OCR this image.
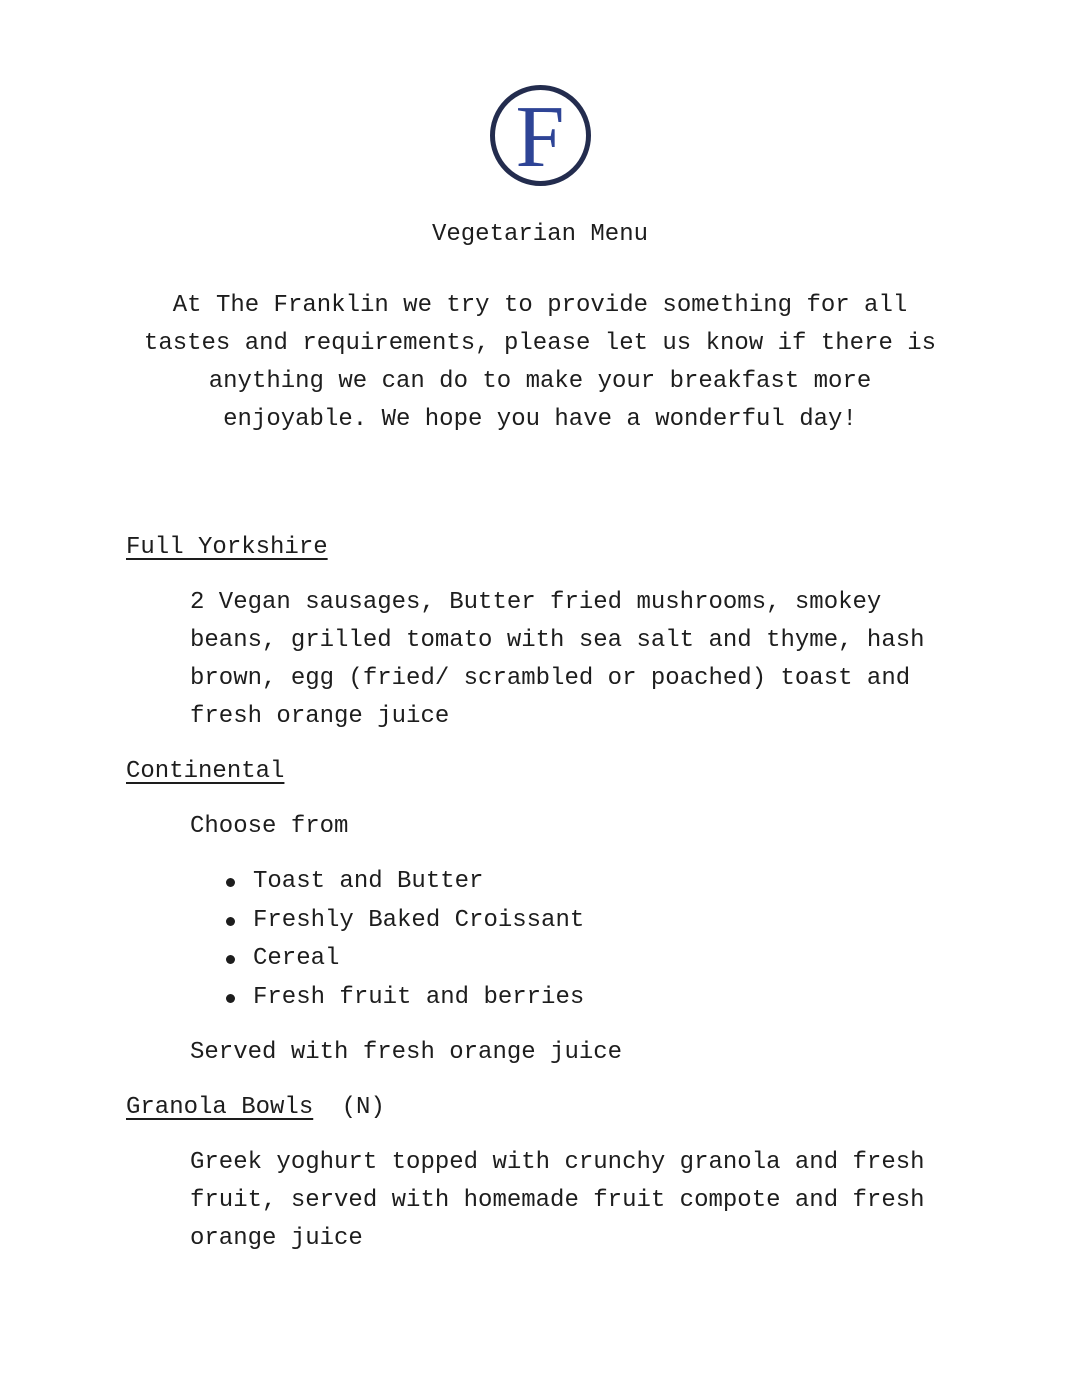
F
Vegetarian Menu

At The Franklin we try to provide something for all tastes and requirements, please let us know if there is anything we can do to make your breakfast more enjoyable. We hope you have a wonderful day!

Full Yorkshire

2 Vegan sausages, Butter fried mushrooms, smokey beans, grilled tomato with sea salt and thyme, hash brown, egg (fried/ scrambled or poached) toast and fresh orange juice

Continental

Choose from

Toast and Butter
Freshly Baked Croissant
Cereal
Fresh fruit and berries

Served with fresh orange juice

Granola Bowls (N)

Greek yoghurt topped with crunchy granola and fresh fruit, served with homemade fruit compote and fresh orange juice
